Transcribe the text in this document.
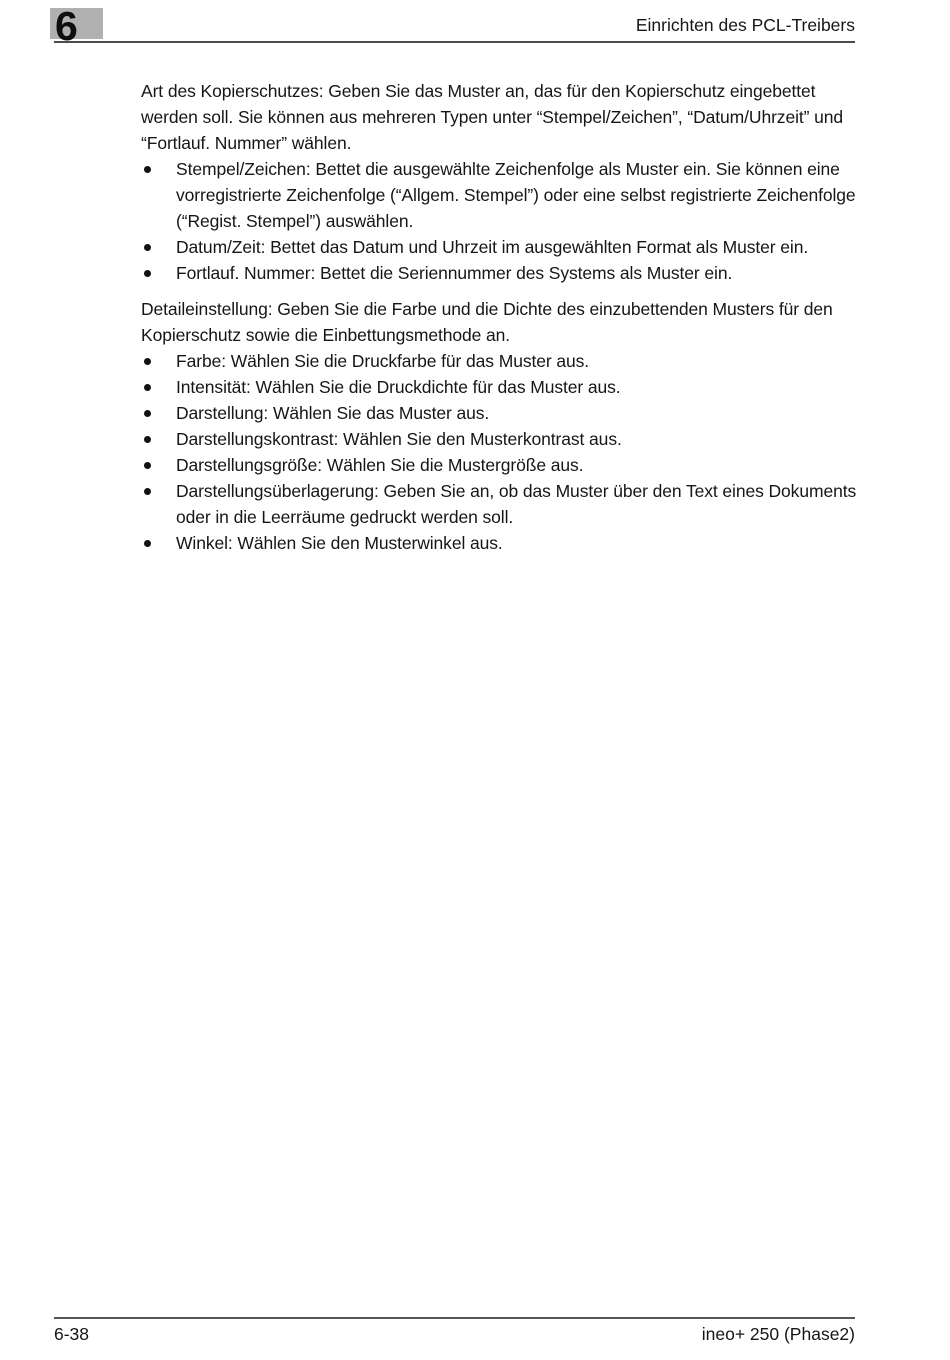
6	Einrichten des PCL-Treibers

Art des Kopierschutzes: Geben Sie das Muster an, das für den Kopierschutz eingebettet werden soll. Sie können aus mehreren Typen unter “Stempel/Zeichen”, “Datum/Uhrzeit” und “Fortlauf. Nummer” wählen.

Stempel/Zeichen: Bettet die ausgewählte Zeichenfolge als Muster ein. Sie können eine vorregistrierte Zeichenfolge (“Allgem. Stempel”) oder eine selbst registrierte Zeichenfolge (“Regist. Stempel”) auswählen.
Datum/Zeit: Bettet das Datum und Uhrzeit im ausgewählten Format als Muster ein.
Fortlauf. Nummer: Bettet die Seriennummer des Systems als Muster ein.

Detaileinstellung: Geben Sie die Farbe und die Dichte des einzubettenden Musters für den Kopierschutz sowie die Einbettungsmethode an.

Farbe: Wählen Sie die Druckfarbe für das Muster aus.
Intensität: Wählen Sie die Druckdichte für das Muster aus.
Darstellung: Wählen Sie das Muster aus.
Darstellungskontrast: Wählen Sie den Musterkontrast aus.
Darstellungsgröße: Wählen Sie die Mustergröße aus.
Darstellungsüberlagerung: Geben Sie an, ob das Muster über den Text eines Dokuments oder in die Leerräume gedruckt werden soll.
Winkel: Wählen Sie den Musterwinkel aus.
6-38	ineo+ 250 (Phase2)
